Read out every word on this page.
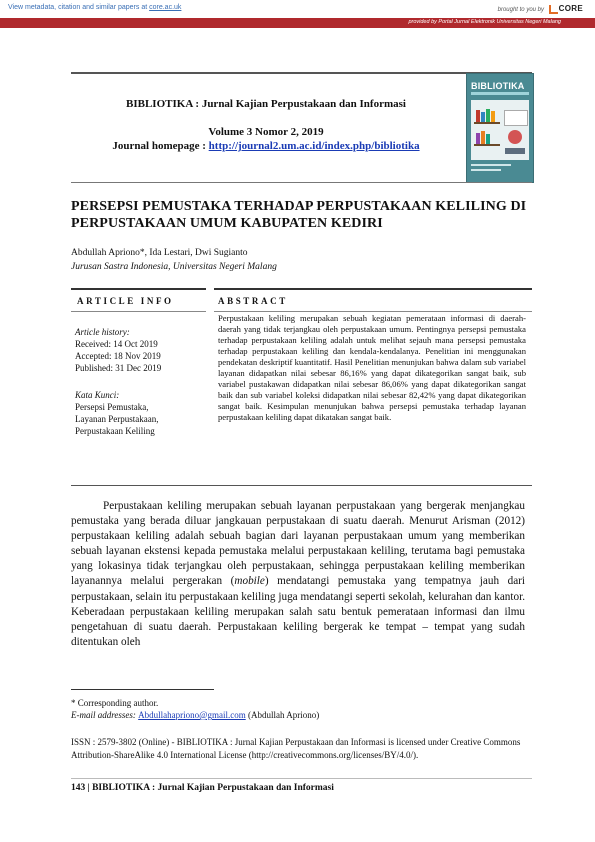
View metadata, citation and similar papers at core.ac.uk	brought to you by CORE
provided by Portal Jurnal Elektronik Universitas Negeri Malang
BIBLIOTIKA : Jurnal Kajian Perpustakaan dan Informasi
Volume 3 Nomor 2, 2019
Journal homepage : http://journal2.um.ac.id/index.php/bibliotika
BIBLIOTIKA
PERSEPSI PEMUSTAKA TERHADAP PERPUSTAKAAN KELILING DI PERPUSTAKAAN UMUM KABUPATEN KEDIRI
Abdullah Apriono*, Ida Lestari, Dwi Sugianto
Jurusan Sastra Indonesia, Universitas Negeri Malang
ARTICLE INFO
Article history:
Received: 14 Oct 2019
Accepted: 18 Nov 2019
Published: 31 Dec 2019
Kata Kunci:
Persepsi Pemustaka,
Layanan Perpustakaan,
Perpustakaan Keliling
ABSTRACT
Perpustakaan keliling merupakan sebuah kegiatan pemerataan informasi di daerah-daerah yang tidak terjangkau oleh perpustakaan umum. Pentingnya persepsi pemustaka terhadap perpustakaan keliling adalah untuk melihat sejauh mana persepsi pemustaka terhadap perpustakaan keliling dan kendala-kendalanya. Penelitian ini menggunakan pendekatan deskriptif kuantitatif. Hasil Penelitian menunjukan bahwa dalam sub variabel layanan didapatkan nilai sebesar 86,16% yang dapat dikategorikan sangat baik, sub variabel pustakawan didapatkan nilai sebesar 86,06% yang dapat dikategorikan sangat baik dan sub variabel koleksi didapatkan nilai sebesar 82,42% yang dapat dikategorikan sangat baik. Kesimpulan menunjukan bahwa persepsi pemustaka terhadap layanan perpustakaan keliling dapat dikatakan sangat baik.
Perpustakaan keliling merupakan sebuah layanan perpustakaan yang bergerak menjangkau pemustaka yang berada diluar jangkauan perpustakaan di suatu daerah. Menurut Arisman (2012) perpustakaan keliling adalah sebuah bagian dari layanan perpustakaan umum yang memberikan sebuah layanan ekstensi kepada pemustaka melalui perpustakaan keliling, terutama bagi pemustaka yang lokasinya tidak terjangkau oleh perpustakaan, sehingga perpustakaan keliling memberikan layanannya melalui pergerakan (mobile) mendatangi pemustaka yang tempatnya jauh dari perpustakaan, selain itu perpustakaan keliling juga mendatangi seperti sekolah, kelurahan dan kantor. Keberadaan perpustakaan keliling merupakan salah satu bentuk pemerataan informasi dan ilmu pengetahuan di suatu daerah. Perpustakaan keliling bergerak ke tempat – tempat yang sudah ditentukan oleh
* Corresponding author.
E-mail addresses: Abdullahapriono@gmail.com (Abdullah Apriono)
ISSN : 2579-3802 (Online) - BIBLIOTIKA : Jurnal Kajian Perpustakaan dan Informasi is licensed under Creative Commons Attribution-ShareAlike 4.0 International License (http://creativecommons.org/licenses/BY/4.0/).
143 | BIBLIOTIKA : Jurnal Kajian Perpustakaan dan Informasi
